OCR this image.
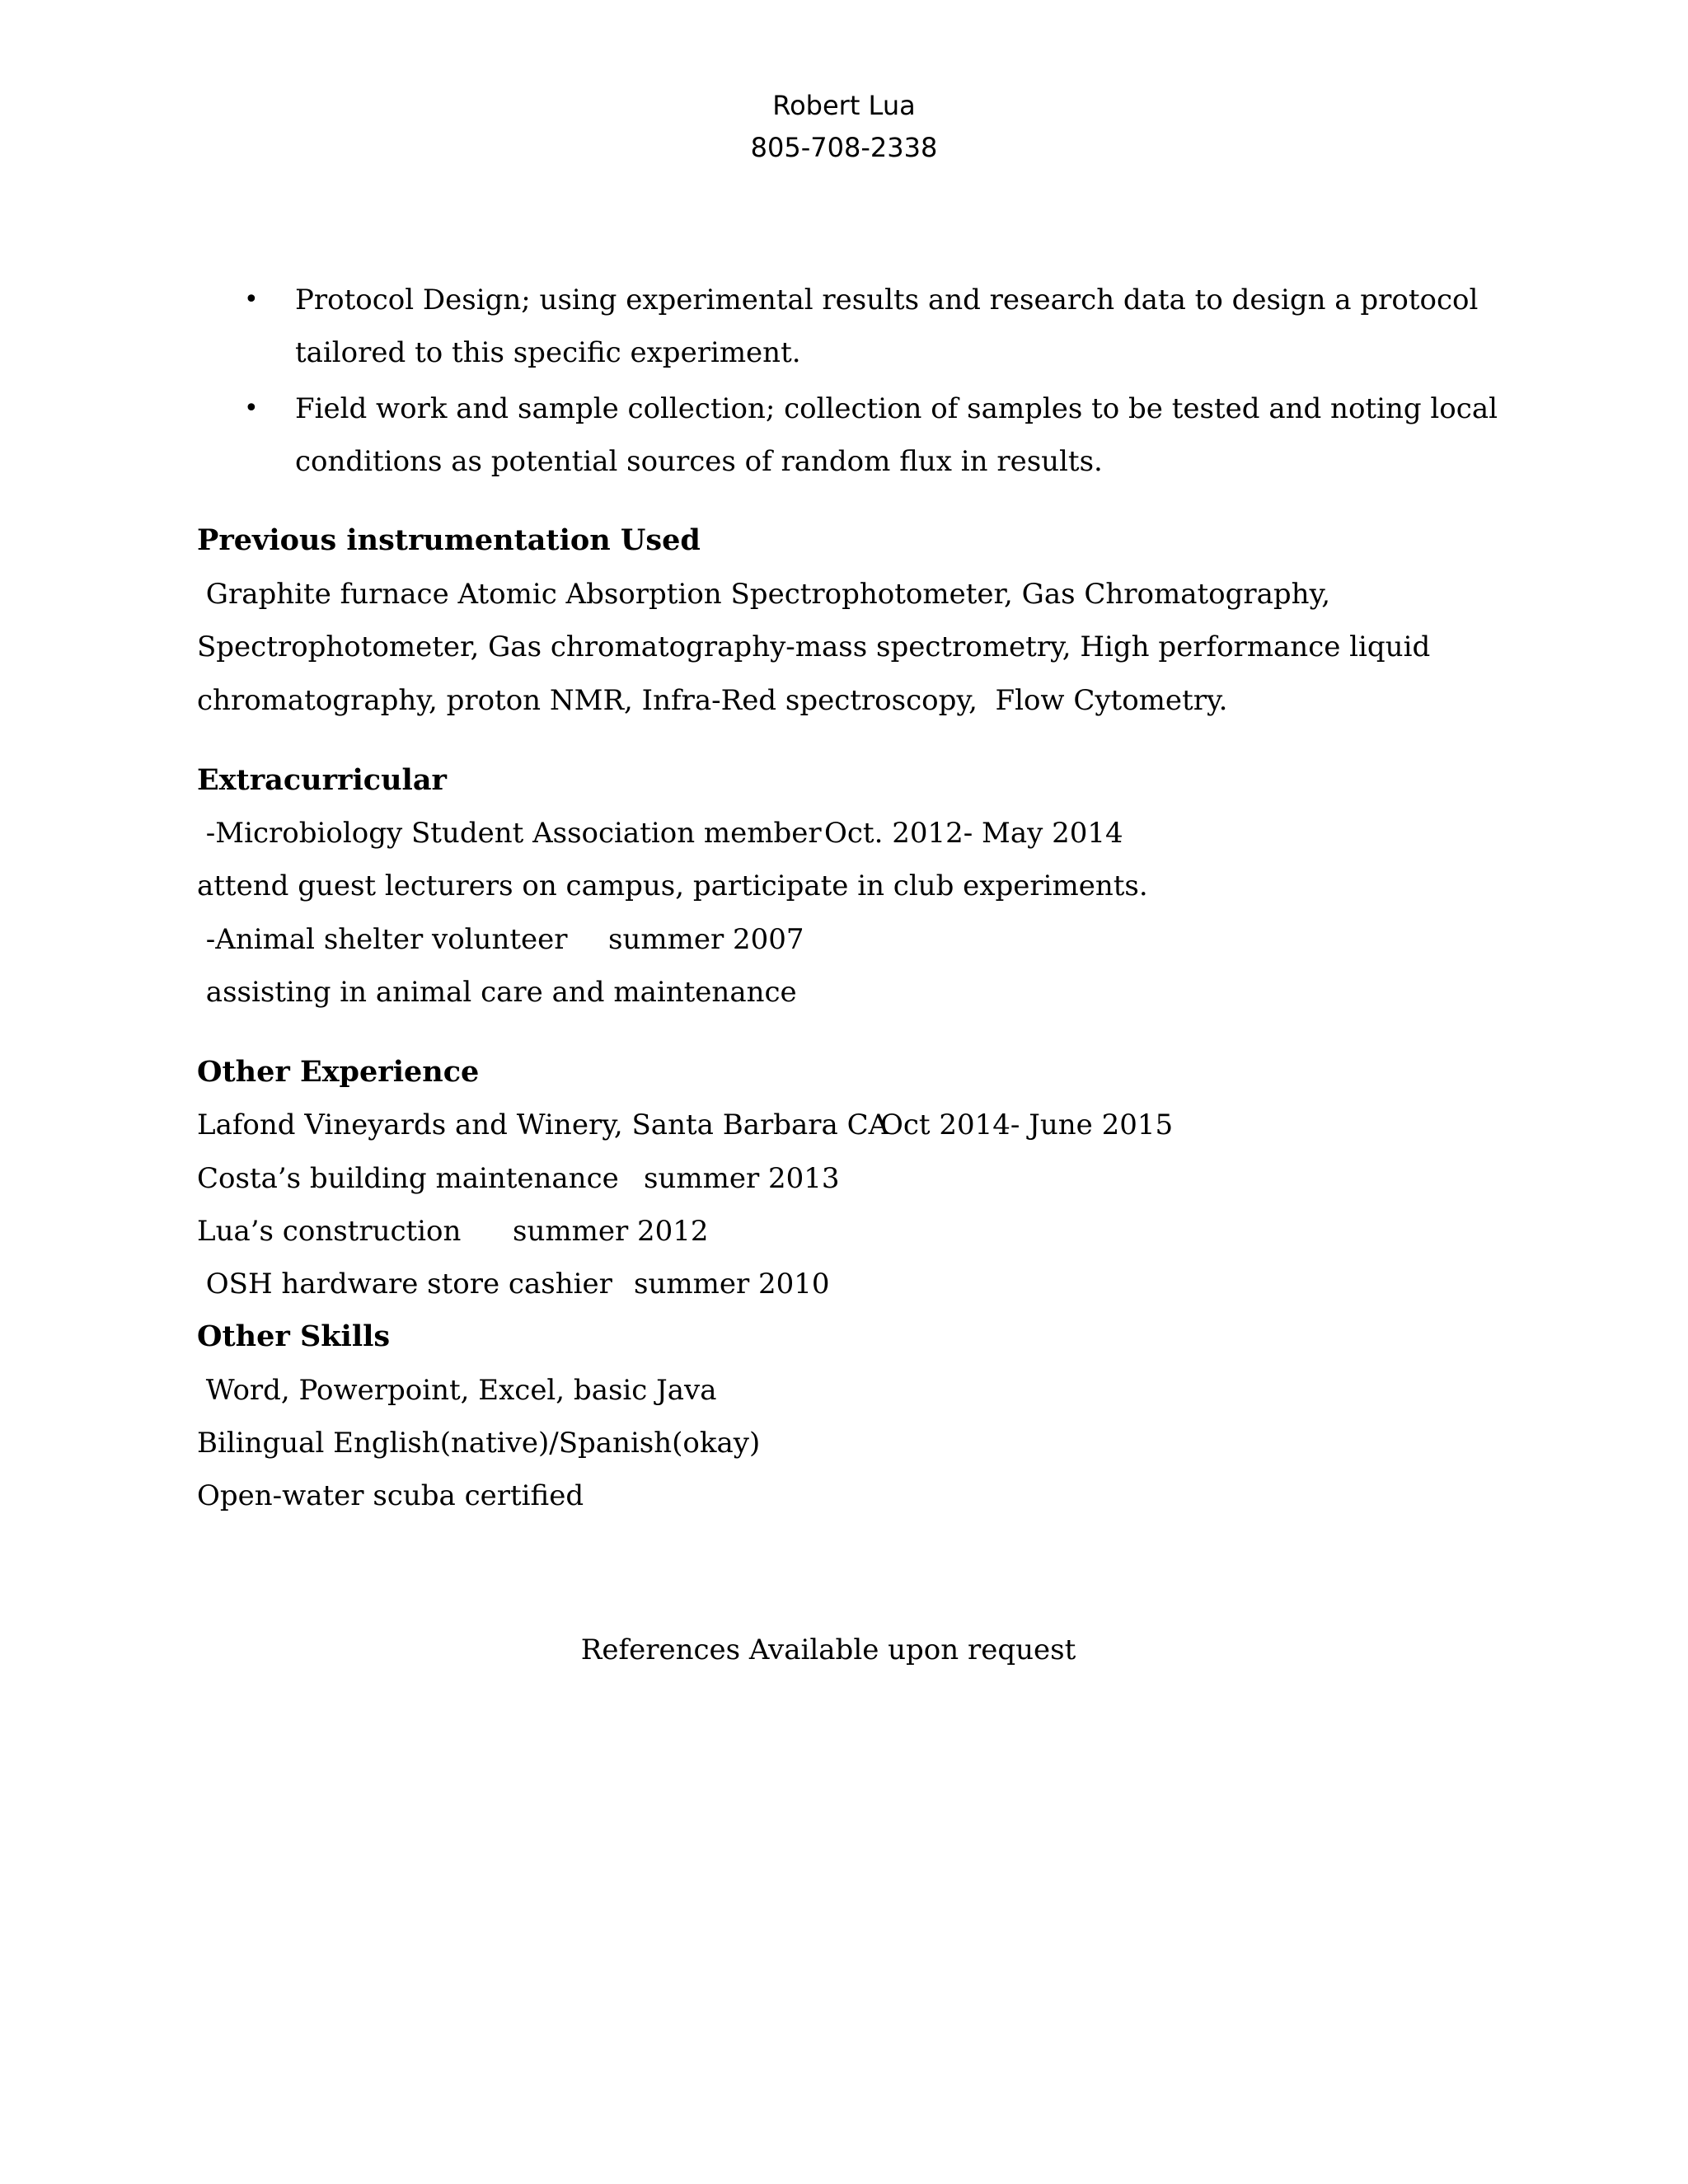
Robert Lua
805-708-2338
• Protocol Design; using experimental results and research data to design a protocol
tailored to this specific experiment.
• Field work and sample collection; collection of samples to be tested and noting local
conditions as potential sources of random flux in results.
Previous instrumentation Used
Graphite furnace Atomic Absorption Spectrophotometer, Gas Chromatography,
Spectrophotometer, Gas chromatography-mass spectrometry, High performance liquid
chromatography, proton NMR, Infra-Red spectroscopy,  Flow Cytometry.
Extracurricular
-Microbiology Student Association member Oct. 2012- May 2014
attend guest lecturers on campus, participate in club experiments.
-Animal shelter volunteer summer 2007
assisting in animal care and maintenance
Other Experience
Lafond Vineyards and Winery, Santa Barbara CA
Oct 2014- June 2015
Costa’s building maintenance summer 2013
Lua’s construction summer 2012
OSH hardware store cashier summer 2010
Other Skills
Word, Powerpoint, Excel, basic Java
Bilingual English(native)/Spanish(okay)
Open-water scuba certified
References Available upon request
